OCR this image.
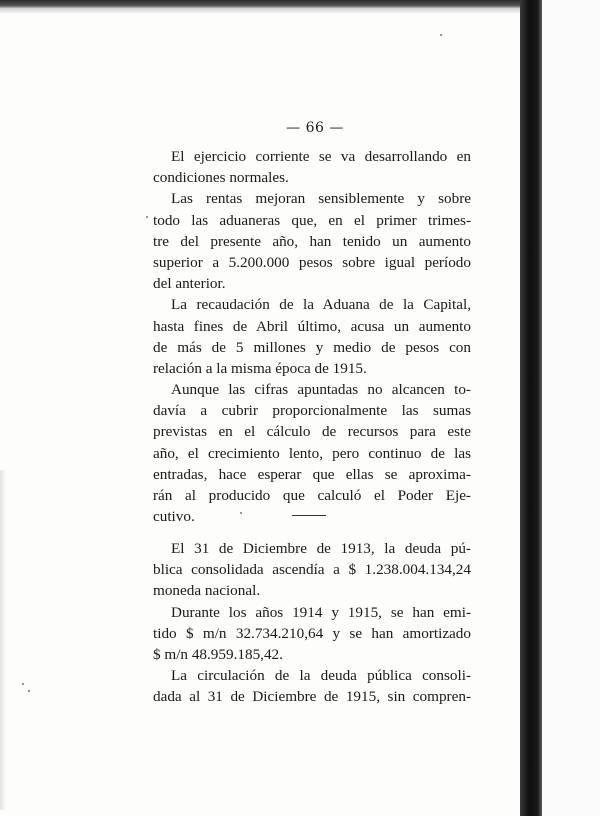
— 66 —
El ejercicio corriente se va desarrollando en
condiciones normales.
Las rentas mejoran sensiblemente y sobre
todo las aduaneras que, en el primer trimes-
tre del presente año, han tenido un aumento
superior a 5.200.000 pesos sobre igual período
del anterior.
La recaudación de la Aduana de la Capital,
hasta fines de Abril último, acusa un aumento
de más de 5 millones y medio de pesos con
relación a la misma época de 1915.
Aunque las cifras apuntadas no alcancen to-
davía a cubrir proporcionalmente las sumas
previstas en el cálculo de recursos para este
año, el crecimiento lento, pero continuo de las
entradas, hace esperar que ellas se aproxima-
rán al producido que calculó el Poder Eje-
cutivo.
El 31 de Diciembre de 1913, la deuda pú-
blica consolidada ascendía a $ 1.238.004.134,24
moneda nacional.
Durante los años 1914 y 1915, se han emi-
tido $ m/n 32.734.210,64 y se han amortizado
$ m/n 48.959.185,42.
La circulación de la deuda pública consoli-
dada al 31 de Diciembre de 1915, sin compren-
